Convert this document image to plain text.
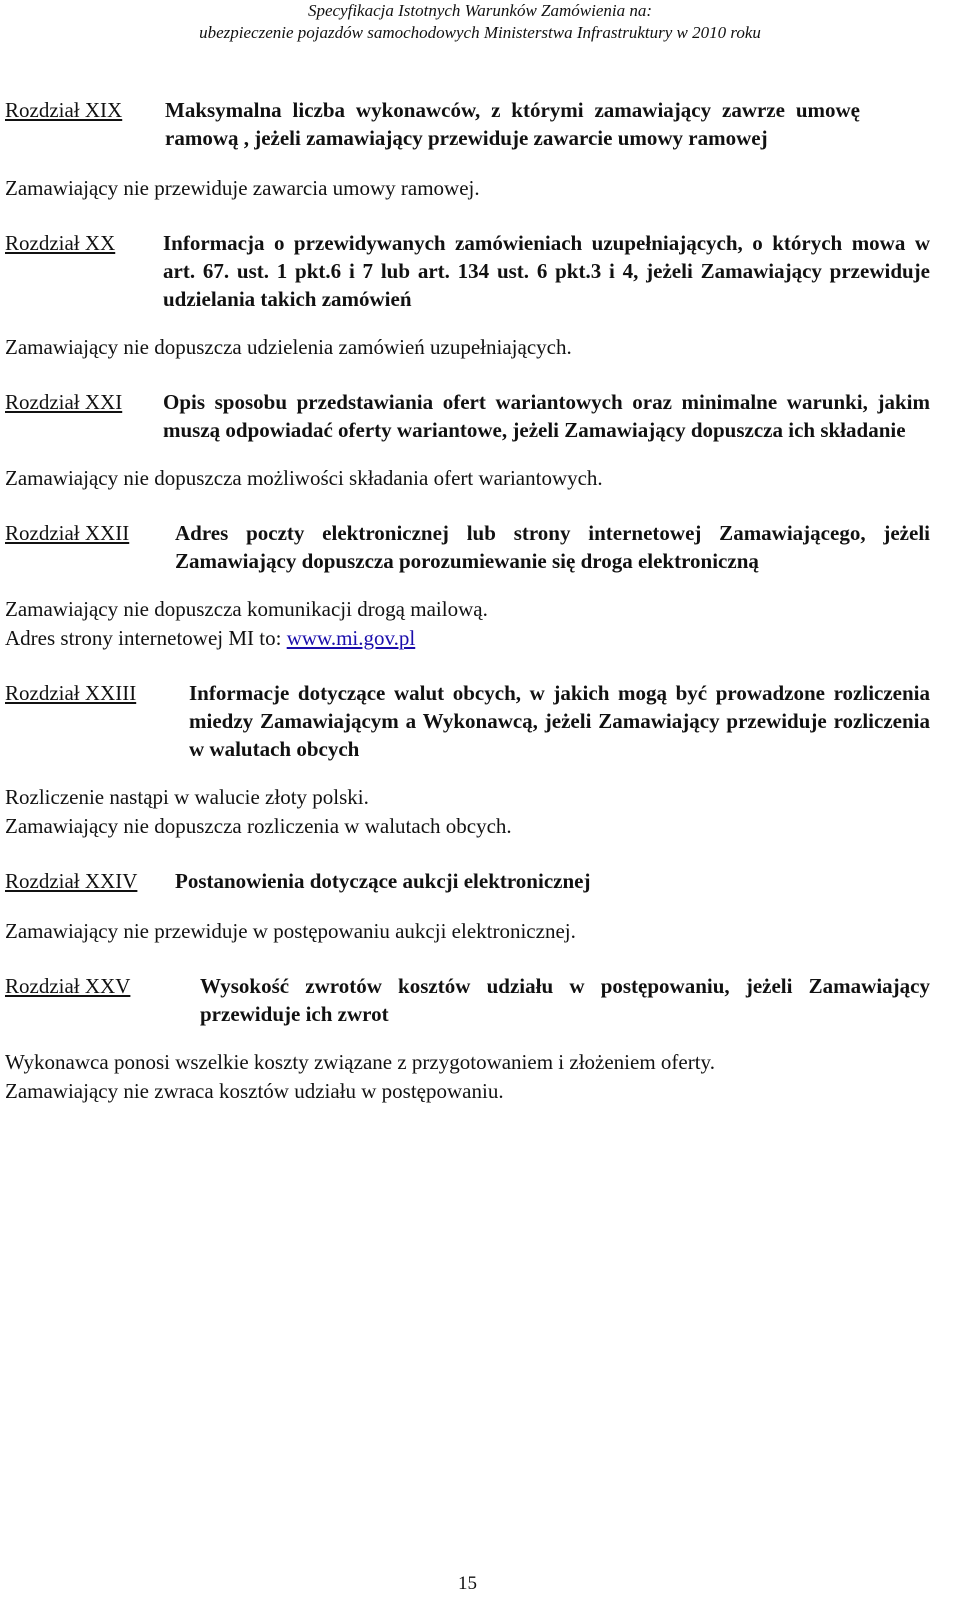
Specyfikacja Istotnych Warunków Zamówienia na:
ubezpieczenie pojazdów samochodowych Ministerstwa Infrastruktury w 2010 roku
Rozdział XIX	Maksymalna liczba wykonawców, z którymi zamawiający zawrze umowę ramową , jeżeli zamawiający przewiduje zawarcie umowy ramowej

Zamawiający nie przewiduje zawarcia umowy ramowej.

Rozdział XX	Informacja o przewidywanych zamówieniach uzupełniających, o których mowa w art. 67. ust. 1 pkt.6 i 7 lub art. 134 ust. 6 pkt.3 i 4, jeżeli Zamawiający przewiduje udzielania takich zamówień

Zamawiający nie dopuszcza udzielenia zamówień uzupełniających.

Rozdział XXI	Opis sposobu przedstawiania ofert wariantowych oraz minimalne warunki, jakim muszą odpowiadać oferty wariantowe, jeżeli Zamawiający dopuszcza ich składanie

Zamawiający nie dopuszcza możliwości składania ofert wariantowych.

Rozdział XXII	Adres poczty elektronicznej lub strony internetowej Zamawiającego, jeżeli Zamawiający dopuszcza porozumiewanie się droga elektroniczną

Zamawiający nie dopuszcza komunikacji drogą mailową.

Adres strony internetowej MI to: www.mi.gov.pl

Rozdział XXIII	Informacje dotyczące walut obcych, w jakich mogą być prowadzone rozliczenia miedzy Zamawiającym a Wykonawcą, jeżeli Zamawiający przewiduje rozliczenia w walutach obcych

Rozliczenie nastąpi w walucie złoty polski.

Zamawiający nie dopuszcza rozliczenia w walutach obcych.

Rozdział XXIV	Postanowienia dotyczące aukcji elektronicznej

Zamawiający nie przewiduje w postępowaniu aukcji elektronicznej.

Rozdział XXV	Wysokość zwrotów kosztów udziału w postępowaniu, jeżeli Zamawiający przewiduje ich zwrot

Wykonawca ponosi wszelkie koszty związane z przygotowaniem i złożeniem oferty.

Zamawiający nie zwraca kosztów udziału w postępowaniu.

15
